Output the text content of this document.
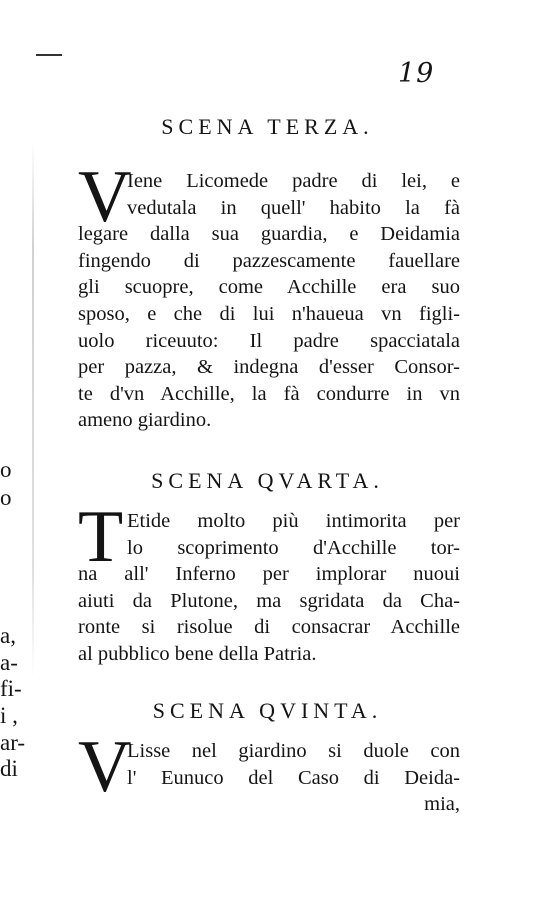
o
o
a,
a-
fi-
i ,
ar-
di
19
SCENA TERZA.
V
Iene Licomede padre di lei, e
vedutala in quell' habito la fà
legare dalla sua guardia, e Deidamia
fingendo di pazzescamente fauellare
gli scuopre, come Acchille era suo
sposo, e che di lui n'haueua vn figli-
uolo riceuuto: Il padre spacciatala
per pazza, & indegna d'esser Consor-
te d'vn Acchille, la fà condurre in vn
ameno giardino.
SCENA QVARTA.
T Etide molto più intimorita per
lo scoprimento d'Acchille tor-
na all' Inferno per implorar nuoui
aiuti da Plutone, ma sgridata da Cha-
ronte si risolue di consacrar Acchille
al pubblico bene della Patria.
SCENA QVINTA.
V
Lisse nel giardino si duole con
l' Eunuco del Caso di Deida-
mia,
